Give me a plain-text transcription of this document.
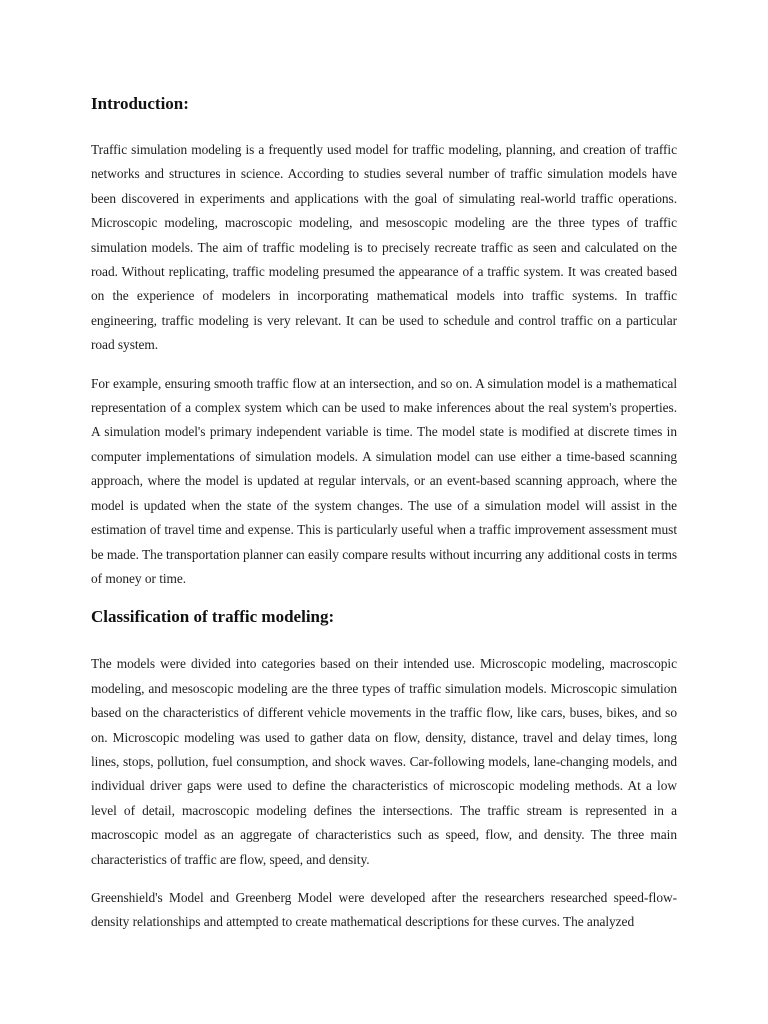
Introduction:

Traffic simulation modeling is a frequently used model for traffic modeling, planning, and creation of traffic networks and structures in science. According to studies several number of traffic simulation models have been discovered in experiments and applications with the goal of simulating real-world traffic operations. Microscopic modeling, macroscopic modeling, and mesoscopic modeling are the three types of traffic simulation models. The aim of traffic modeling is to precisely recreate traffic as seen and calculated on the road. Without replicating, traffic modeling presumed the appearance of a traffic system. It was created based on the experience of modelers in incorporating mathematical models into traffic systems. In traffic engineering, traffic modeling is very relevant. It can be used to schedule and control traffic on a particular road system.

For example, ensuring smooth traffic flow at an intersection, and so on. A simulation model is a mathematical representation of a complex system which can be used to make inferences about the real system's properties. A simulation model's primary independent variable is time. The model state is modified at discrete times in computer implementations of simulation models. A simulation model can use either a time-based scanning approach, where the model is updated at regular intervals, or an event-based scanning approach, where the model is updated when the state of the system changes. The use of a simulation model will assist in the estimation of travel time and expense. This is particularly useful when a traffic improvement assessment must be made. The transportation planner can easily compare results without incurring any additional costs in terms of money or time.

Classification of traffic modeling:

The models were divided into categories based on their intended use. Microscopic modeling, macroscopic modeling, and mesoscopic modeling are the three types of traffic simulation models. Microscopic simulation based on the characteristics of different vehicle movements in the traffic flow, like cars, buses, bikes, and so on. Microscopic modeling was used to gather data on flow, density, distance, travel and delay times, long lines, stops, pollution, fuel consumption, and shock waves. Car-following models, lane-changing models, and individual driver gaps were used to define the characteristics of microscopic modeling methods. At a low level of detail, macroscopic modeling defines the intersections. The traffic stream is represented in a macroscopic model as an aggregate of characteristics such as speed, flow, and density. The three main characteristics of traffic are flow, speed, and density.

Greenshield's Model and Greenberg Model were developed after the researchers researched speed-flow-density relationships and attempted to create mathematical descriptions for these curves. The analyzed
